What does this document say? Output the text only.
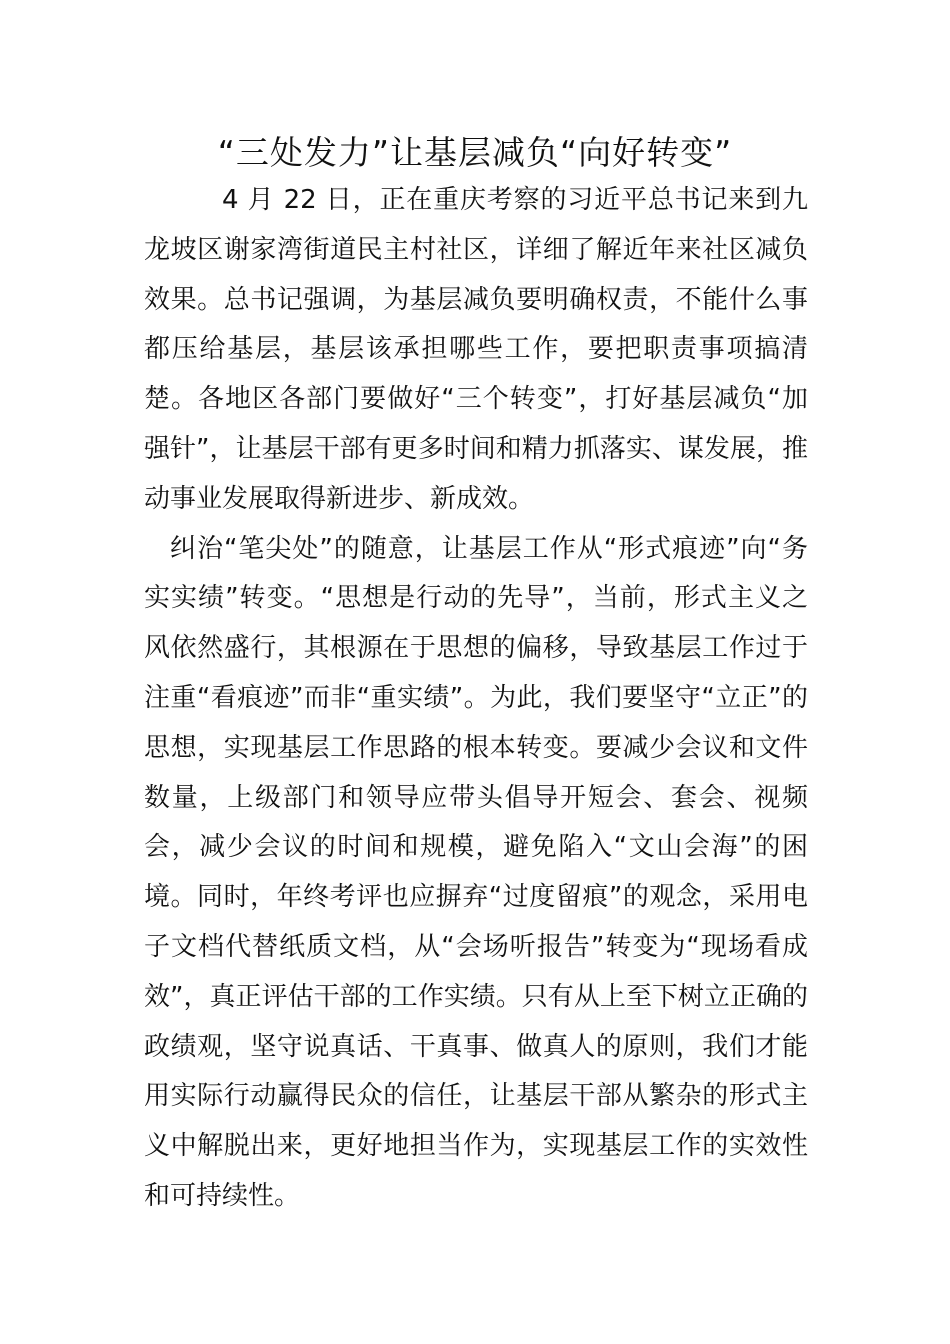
“三处发力”让基层减负“向好转变”

4 月 22 日，正在重庆考察的习近平总书记来到九龙坡区谢家湾街道民主村社区，详细了解近年来社区减负效果。总书记强调，为基层减负要明确权责，不能什么事都压给基层，基层该承担哪些工作，要把职责事项搞清楚。各地区各部门要做好“三个转变”，打好基层减负“加强针”，让基层干部有更多时间和精力抓落实、谋发展，推动事业发展取得新进步、新成效。

纠治“笔尖处”的随意，让基层工作从“形式痕迹”向“务实实绩”转变。“思想是行动的先导”，当前，形式主义之风依然盛行，其根源在于思想的偏移，导致基层工作过于注重“看痕迹”而非“重实绩”。为此，我们要坚守“立正”的思想，实现基层工作思路的根本转变。要减少会议和文件数量，上级部门和领导应带头倡导开短会、套会、视频会，减少会议的时间和规模，避免陷入“文山会海”的困境。同时，年终考评也应摒弃“过度留痕”的观念，采用电子文档代替纸质文档，从“会场听报告”转变为“现场看成效”，真正评估干部的工作实绩。只有从上至下树立正确的政绩观，坚守说真话、干真事、做真人的原则，我们才能用实际行动赢得民众的信任，让基层干部从繁杂的形式主义中解脱出来，更好地担当作为，实现基层工作的实效性和可持续性。
